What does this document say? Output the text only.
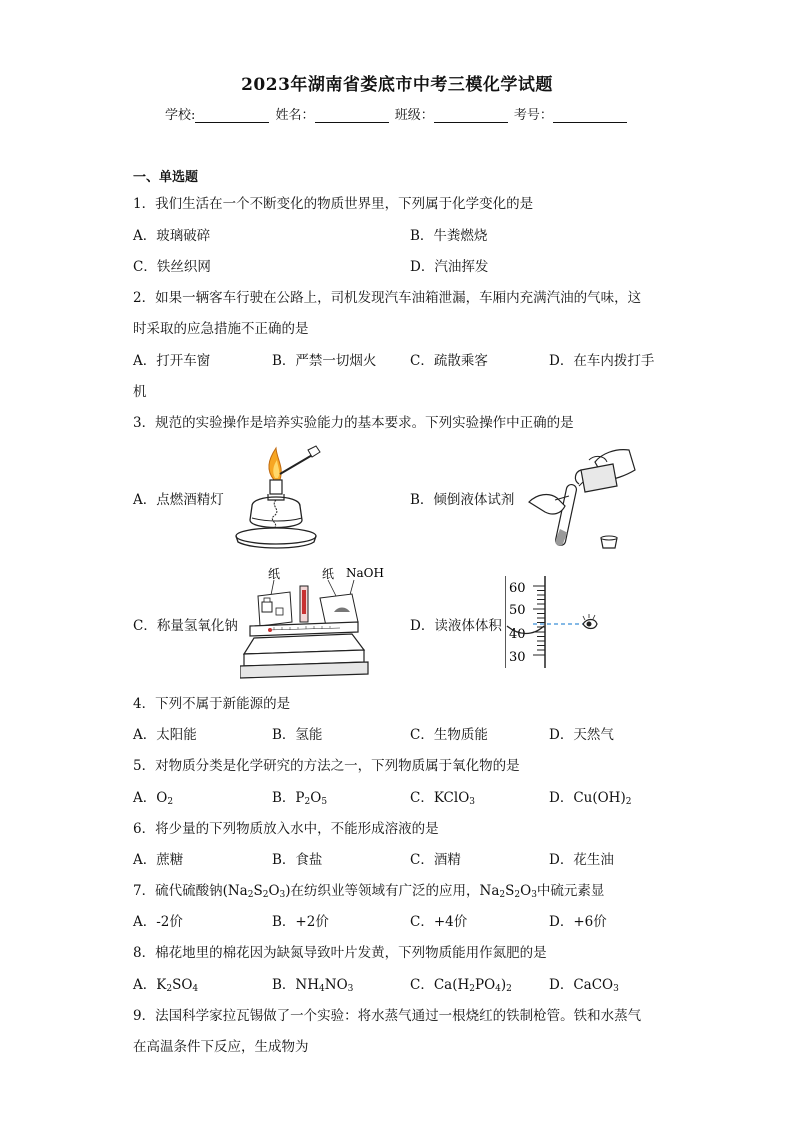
2023年湖南省娄底市中考三模化学试题
学校:	姓名：	班级：	考号：
一、单选题
1．我们生活在一个不断变化的物质世界里，下列属于化学变化的是
A．玻璃破碎	B．牛粪燃烧
C．铁丝织网	D．汽油挥发
2．如果一辆客车行驶在公路上，司机发现汽车油箱泄漏，车厢内充满汽油的气味，这
时采取的应急措施不正确的是
A．打开车窗	B．严禁一切烟火 C．疏散乘客	D．在车内拨打手
机
3．规范的实验操作是培养实验能力的基本要求。下列实验操作中正确的是
A．点燃酒精灯	B．倾倒液体试剂
C．称量氢氧化钠	D．读液体体积
纸	纸 NaOH
60
50
40
30
4．下列不属于新能源的是
A．太阳能	B．氢能	C．生物质能	D．天然气
5．对物质分类是化学研究的方法之一，下列物质属于氧化物的是
A．$O_2$	B．$P_2O_5$	C．KClO$_3$	D．$Cu(OH)_2$
6．将少量的下列物质放入水中，不能形成溶液的是
A．蔗糖	B．食盐	C．酒精	D．花生油
7．硫代硫酸钠$(Na_2S_2O_3)$在纺织业等领域有广泛的应用，$Na_2S_2O_3$中硫元素显
A．-2价	B．+2价	C．+4价	D．+6价
8．棉花地里的棉花因为缺氮导致叶片发黄，下列物质能用作氮肥的是
A．$K_2SO_4$	B．$NH_4NO_3$	C．$Ca(H_2PO_4)_2$	D．CaCO$_3$
9．法国科学家拉瓦锡做了一个实验：将水蒸气通过一根烧红的铁制枪管。铁和水蒸气
在高温条件下反应，生成物为
